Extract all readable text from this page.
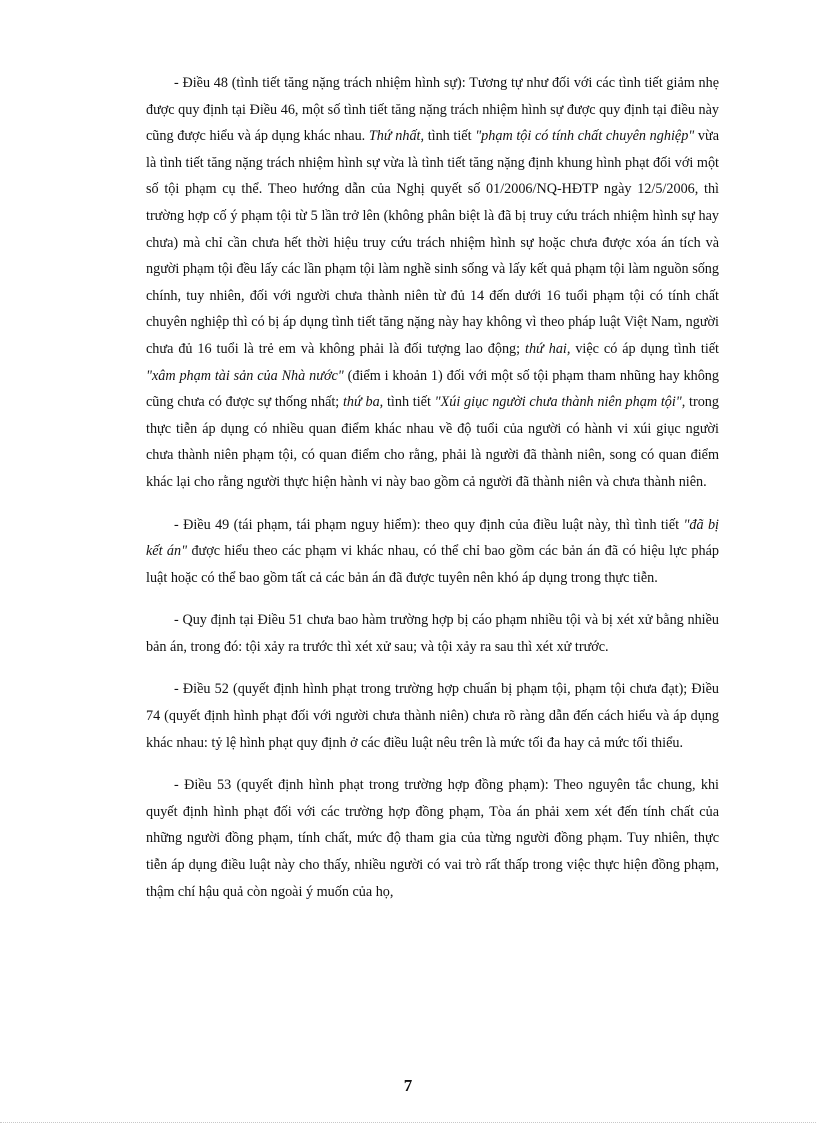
- Điều 48 (tình tiết tăng nặng trách nhiệm hình sự): Tương tự như đối với các tình tiết giảm nhẹ được quy định tại Điều 46, một số tình tiết tăng nặng trách nhiệm hình sự được quy định tại điều này cũng được hiểu và áp dụng khác nhau. Thứ nhất, tình tiết "phạm tội có tính chất chuyên nghiệp" vừa là tình tiết tăng nặng trách nhiệm hình sự vừa là tình tiết tăng nặng định khung hình phạt đối với một số tội phạm cụ thể. Theo hướng dẫn của Nghị quyết số 01/2006/NQ-HĐTP ngày 12/5/2006, thì trường hợp cố ý phạm tội từ 5 lần trở lên (không phân biệt là đã bị truy cứu trách nhiệm hình sự hay chưa) mà chỉ cần chưa hết thời hiệu truy cứu trách nhiệm hình sự hoặc chưa được xóa án tích và người phạm tội đều lấy các lần phạm tội làm nghề sinh sống và lấy kết quả phạm tội làm nguồn sống chính, tuy nhiên, đối với người chưa thành niên từ đủ 14 đến dưới 16 tuổi phạm tội có tính chất chuyên nghiệp thì có bị áp dụng tình tiết tăng nặng này hay không vì theo pháp luật Việt Nam, người chưa đủ 16 tuổi là trẻ em và không phải là đối tượng lao động; thứ hai, việc có áp dụng tình tiết "xâm phạm tài sản của Nhà nước" (điểm i khoản 1) đối với một số tội phạm tham nhũng hay không cũng chưa có được sự thống nhất; thứ ba, tình tiết "Xúi giục người chưa thành niên phạm tội", trong thực tiễn áp dụng có nhiều quan điểm khác nhau về độ tuổi của người có hành vi xúi giục người chưa thành niên phạm tội, có quan điểm cho rằng, phải là người đã thành niên, song có quan điểm khác lại cho rằng người thực hiện hành vi này bao gồm cả người đã thành niên và chưa thành niên.

- Điều 49 (tái phạm, tái phạm nguy hiểm): theo quy định của điều luật này, thì tình tiết "đã bị kết án" được hiểu theo các phạm vi khác nhau, có thể chỉ bao gồm các bản án đã có hiệu lực pháp luật hoặc có thể bao gồm tất cả các bản án đã được tuyên nên khó áp dụng trong thực tiễn.

- Quy định tại Điều 51 chưa bao hàm trường hợp bị cáo phạm nhiều tội và bị xét xử bằng nhiều bản án, trong đó: tội xảy ra trước thì xét xử sau; và tội xảy ra sau thì xét xử trước.

- Điều 52 (quyết định hình phạt trong trường hợp chuẩn bị phạm tội, phạm tội chưa đạt); Điều 74 (quyết định hình phạt đối với người chưa thành niên) chưa rõ ràng dẫn đến cách hiểu và áp dụng khác nhau: tỷ lệ hình phạt quy định ở các điều luật nêu trên là mức tối đa hay cả mức tối thiểu.

- Điều 53 (quyết định hình phạt trong trường hợp đồng phạm): Theo nguyên tắc chung, khi quyết định hình phạt đối với các trường hợp đồng phạm, Tòa án phải xem xét đến tính chất của những người đồng phạm, tính chất, mức độ tham gia của từng người đồng phạm. Tuy nhiên, thực tiễn áp dụng điều luật này cho thấy, nhiều người có vai trò rất thấp trong việc thực hiện đồng phạm, thậm chí hậu quả còn ngoài ý muốn của họ,

7
